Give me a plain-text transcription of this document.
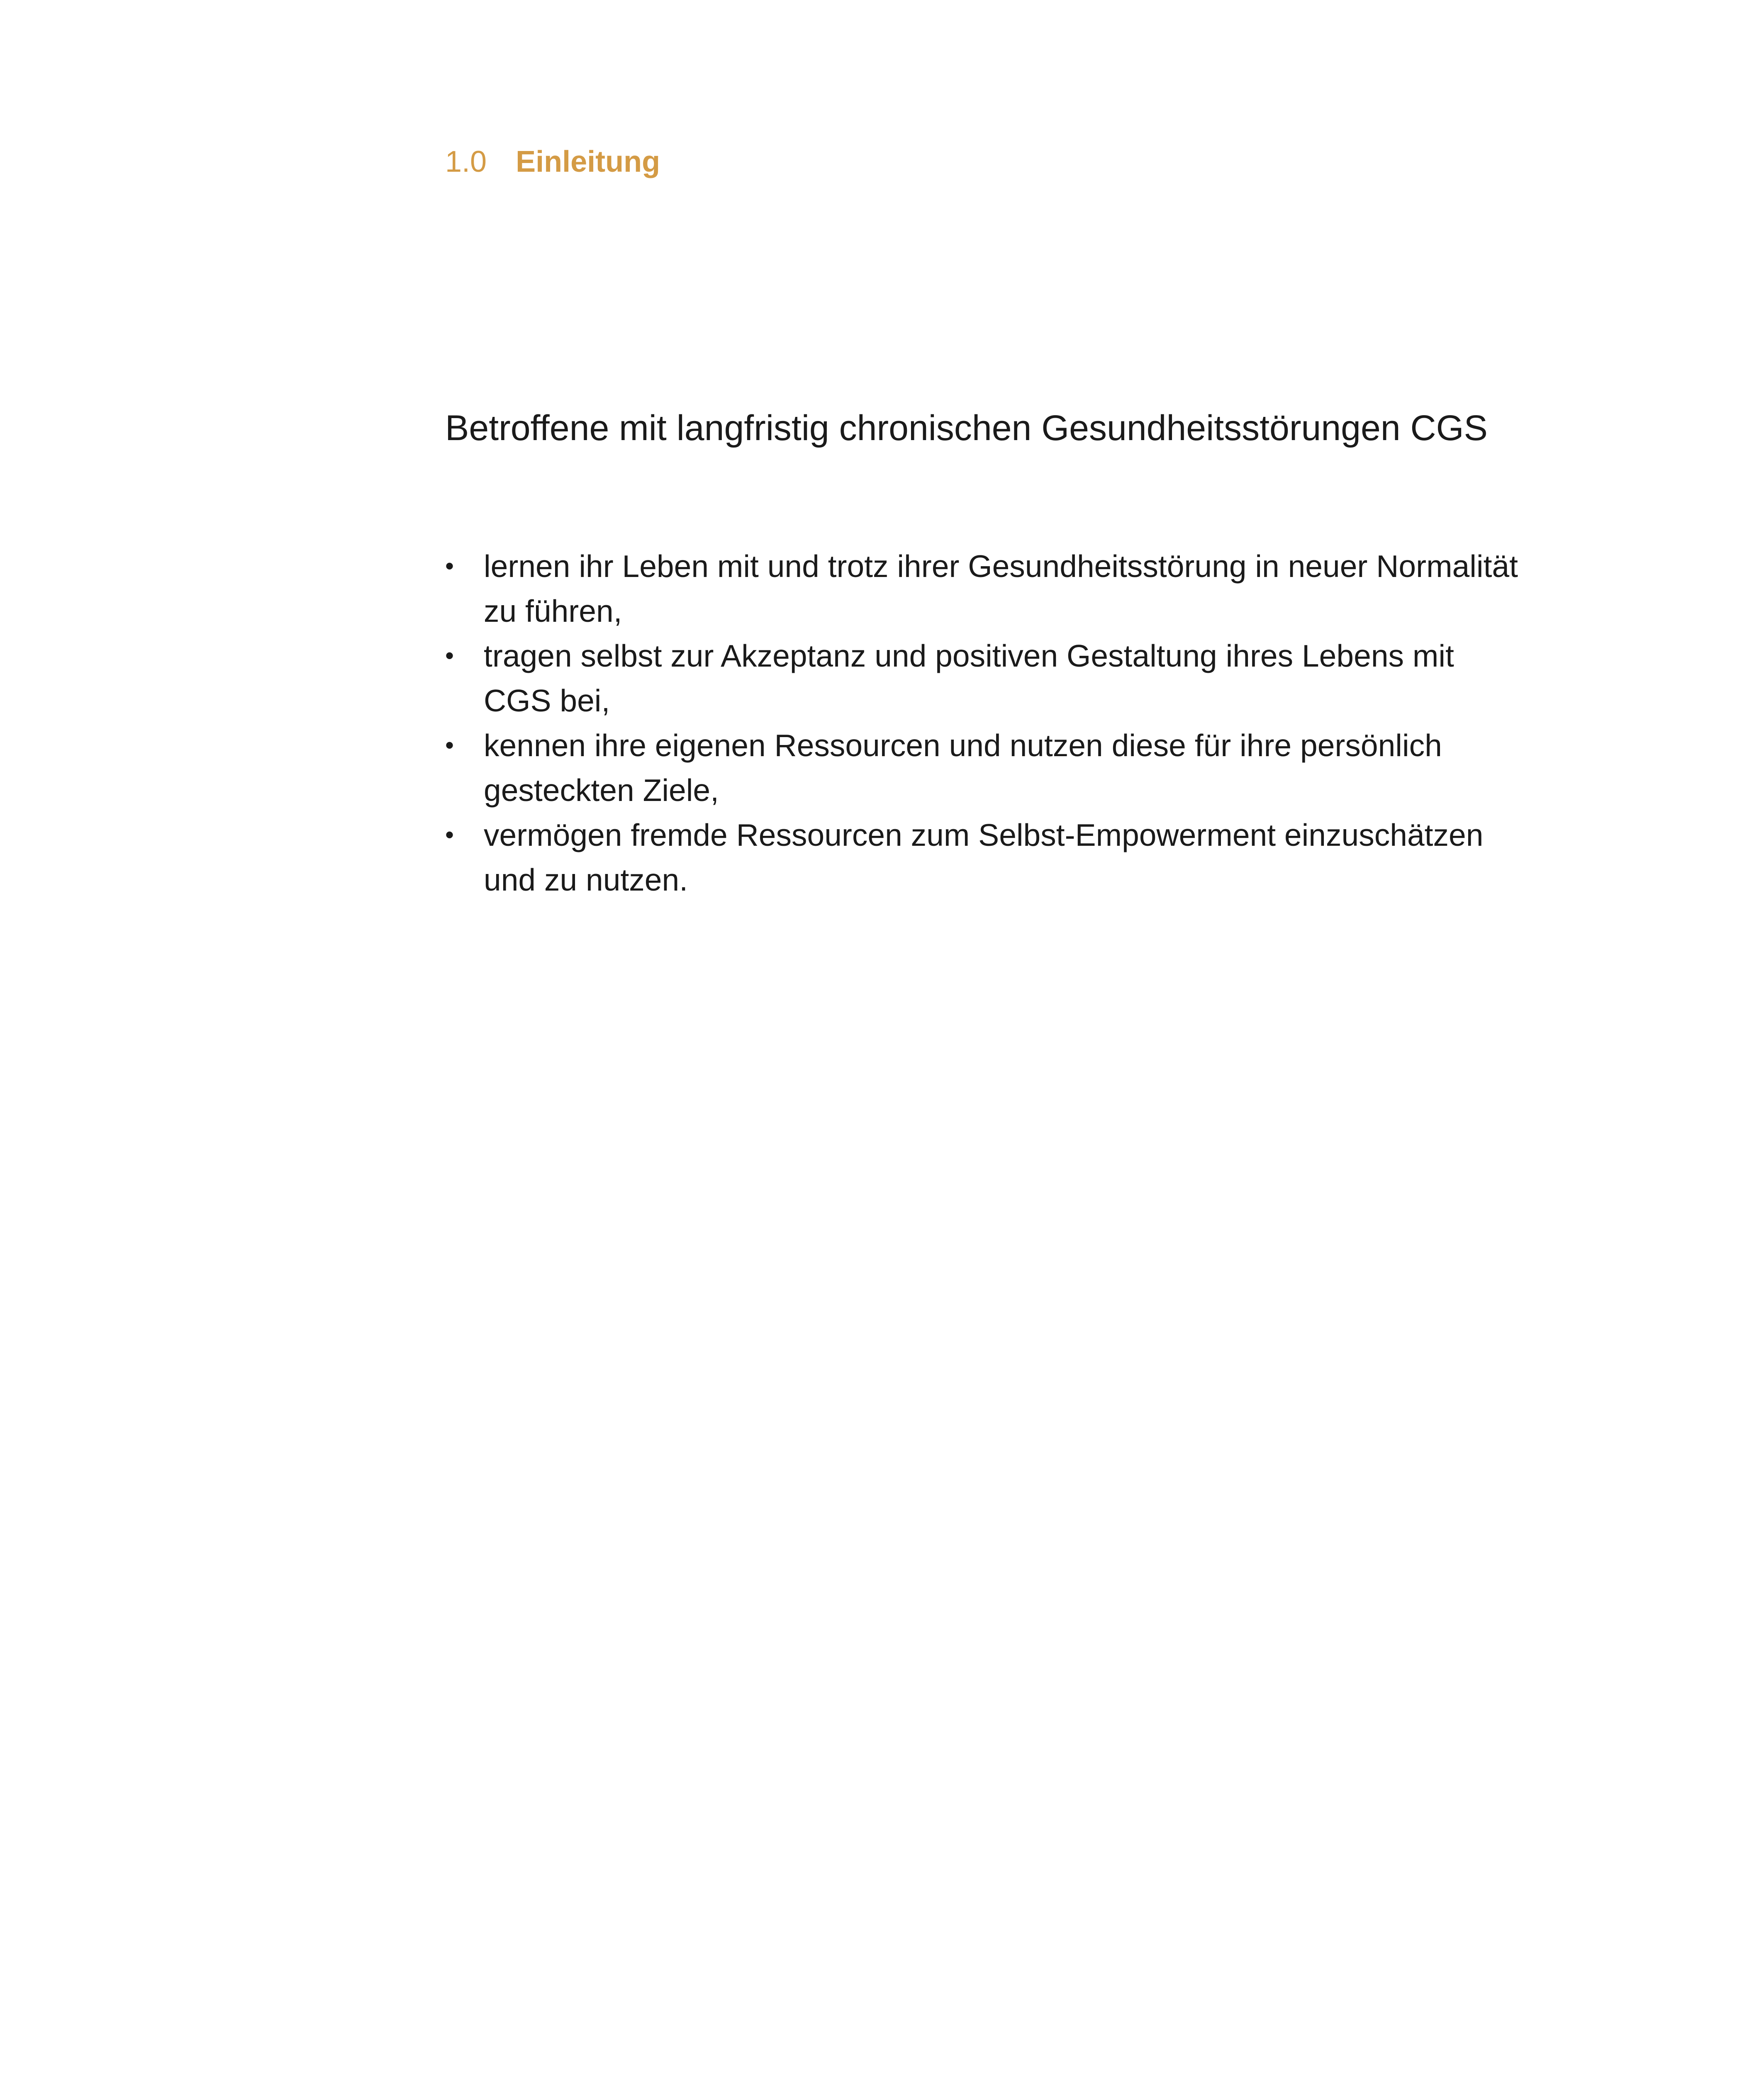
1.0 Einleitung
Betroffene mit langfristig chronischen Gesundheitsstörungen CGS
• lernen ihr Leben mit und trotz ihrer Gesundheitsstörung in neuer Normalität zu führen,
• tragen selbst zur Akzeptanz und positiven Gestaltung ihres Lebens mit CGS bei,
• kennen ihre eigenen Ressourcen und nutzen diese für ihre persönlich gesteckten Ziele,
• vermögen fremde Ressourcen zum Selbst-Empowerment einzuschätzen und zu nutzen.
